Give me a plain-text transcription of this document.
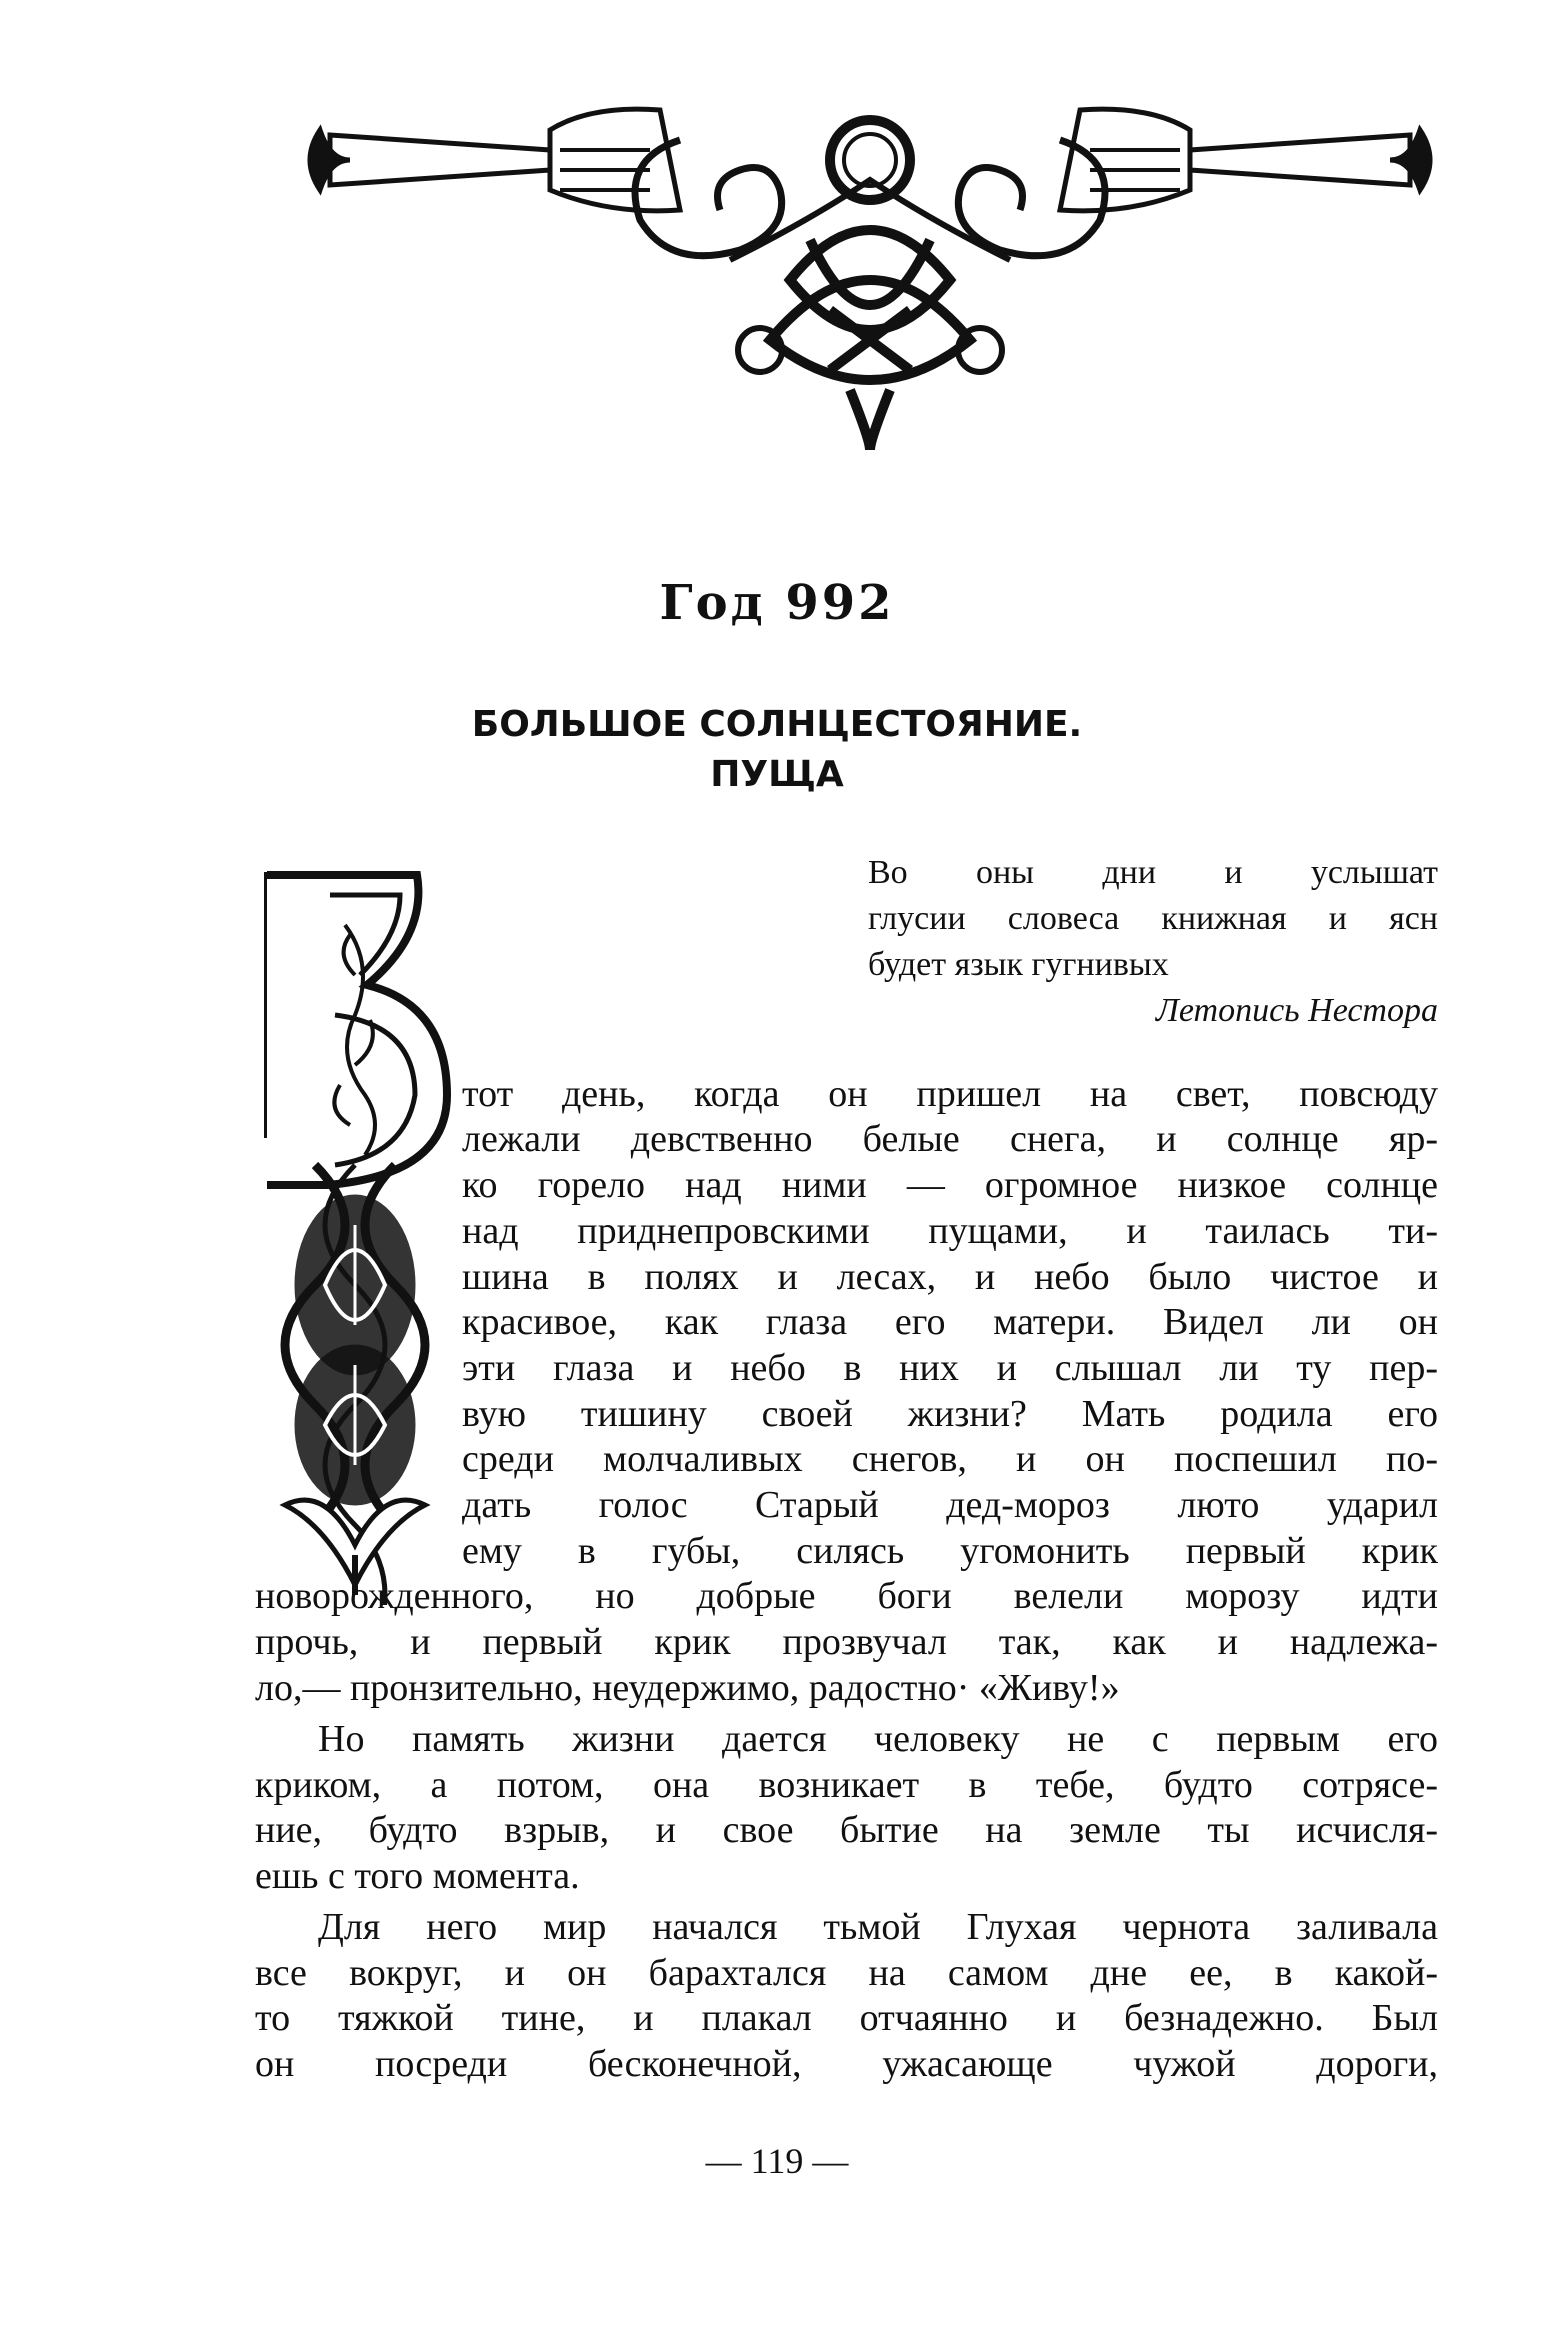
Год 992
БОЛЬШОЕ СОЛНЦЕСТОЯНИЕ.
ПУЩА
Во оны дни и услышат
глусии словеса книжная и ясн
будет язык гугнивых
Летопись Нестора
тот день, когда он пришел на свет, повсюду
лежали девственно белые снега, и солнце яр-
ко горело над ними — огромное низкое солнце
над приднепровскими пущами, и таилась ти-
шина в полях и лесах, и небо было чистое и
красивое, как глаза его матери. Видел ли он
эти глаза и небо в них и слышал ли ту пер-
вую тишину своей жизни? Мать родила его
среди молчаливых снегов, и он поспешил по-
дать голос Старый дед-мороз люто ударил
ему в губы, силясь угомонить первый крик
новорожденного, но добрые боги велели морозу идти
прочь, и первый крик прозвучал так, как и надлежа-
ло,— пронзительно, неудержимо, радостно· «Живу!»
Но память жизни дается человеку не с первым его
криком, а потом, она возникает в тебе, будто сотрясе-
ние, будто взрыв, и свое бытие на земле ты исчисля-
ешь с того момента.
Для него мир начался тьмой Глухая чернота заливала
все вокруг, и он барахтался на самом дне ее, в какой-
то тяжкой тине, и плакал отчаянно и безнадежно. Был
он посреди бесконечной, ужасающе чужой дороги,
— 119 —
